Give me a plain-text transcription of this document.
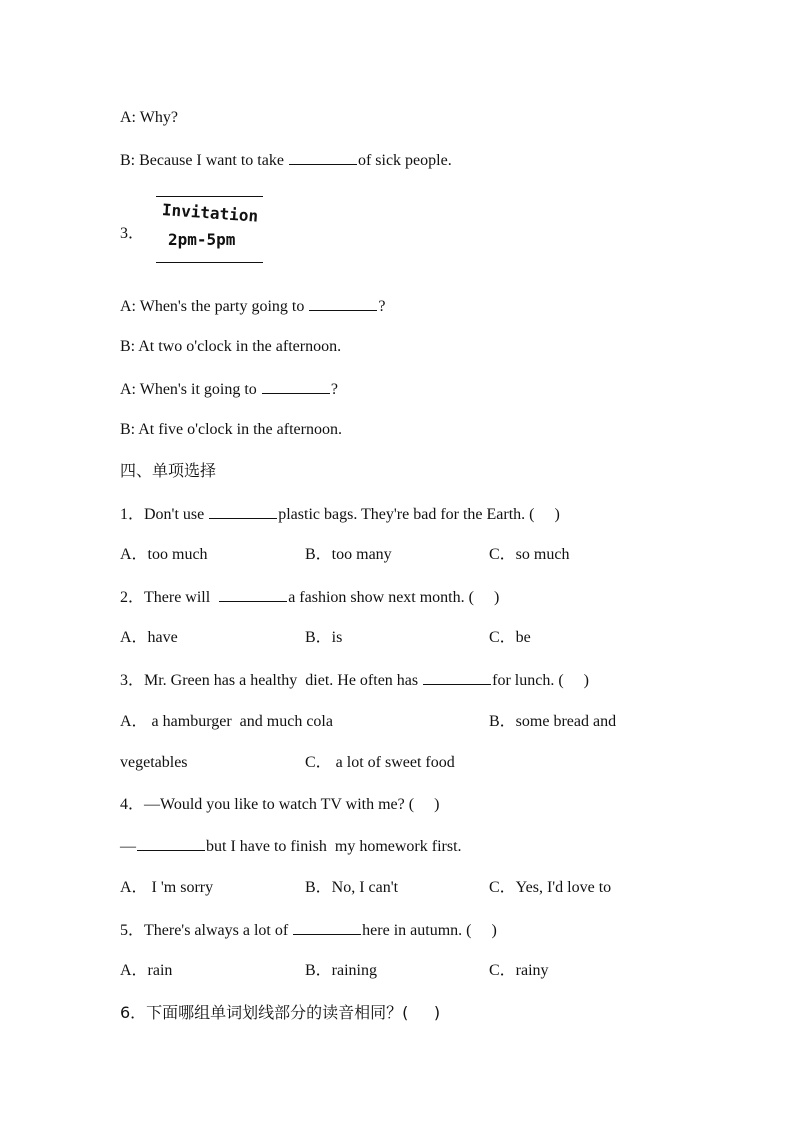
A: Why?
B: Because I want to take	of sick people.
3．
Invitation
2pm-5pm
A: When's the party going to	?
B: At two o'clock in the afternoon.
A: When's it going to	?
B: At five o'clock in the afternoon.
四、单项选择
1．Don't use	plastic bags. They're bad for the Earth. (     )
A．too much	B．too many	C．so much
2．There will	a fashion show next month. (     )
A．have	B．is	C．be
3．Mr. Green has a healthy  diet. He often has	for lunch. (     )
A． a hamburger  and much cola	B．some bread and
vegetables	C． a lot of sweet food
4．—Would you like to watch TV with me? (     )
—	but I have to finish  my homework first.
A． I 'm sorry	B．No, I can't	C．Yes, I'd love to
5．There's always a lot of	here in autumn. (     )
A．rain	B．raining	C．rainy
6．下面哪组单词划线部分的读音相同？(     )
